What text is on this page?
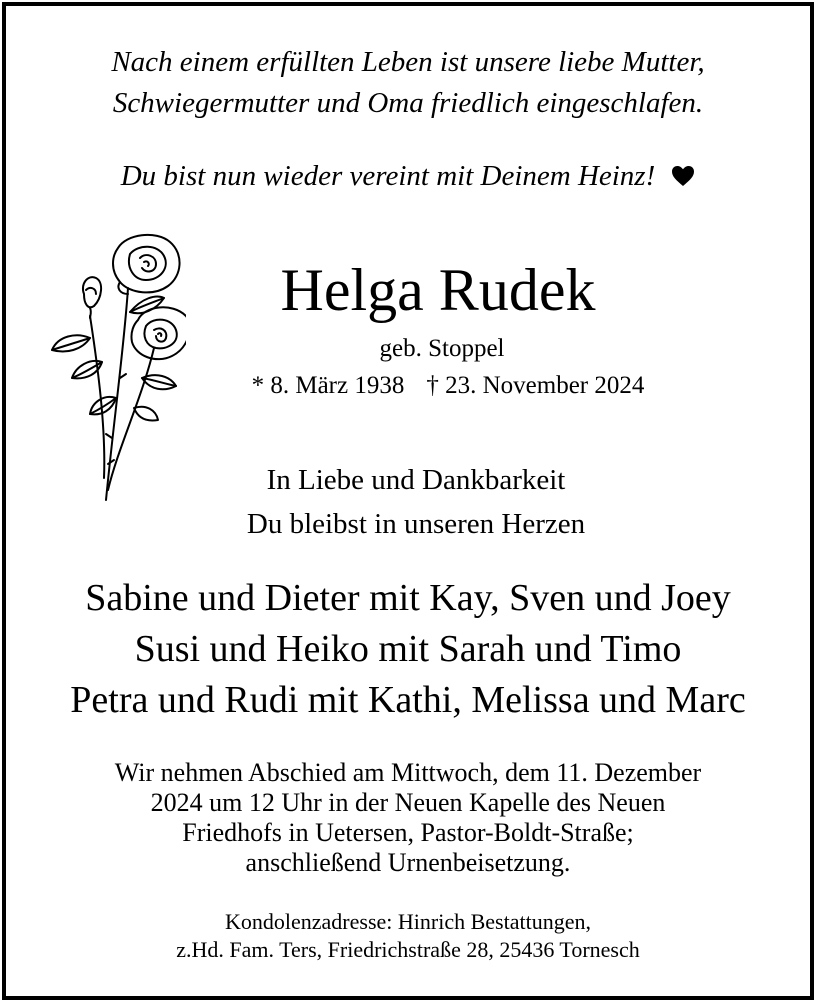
Nach einem erfüllten Leben ist unsere liebe Mutter,
Schwiegermutter und Oma friedlich eingeschlafen.
Du bist nun wieder vereint mit Deinem Heinz!
Helga Rudek
geb. Stoppel
* 8. März 1938 † 23. November 2024
In Liebe und Dankbarkeit
Du bleibst in unseren Herzen
Sabine und Dieter mit Kay, Sven und Joey
Susi und Heiko mit Sarah und Timo
Petra und Rudi mit Kathi, Melissa und Marc
Wir nehmen Abschied am Mittwoch, dem 11. Dezember
2024 um 12 Uhr in der Neuen Kapelle des Neuen
Friedhofs in Uetersen, Pastor-Boldt-Straße;
anschließend Urnenbeisetzung.
Kondolenzadresse: Hinrich Bestattungen,
z.Hd. Fam. Ters, Friedrichstraße 28, 25436 Tornesch
